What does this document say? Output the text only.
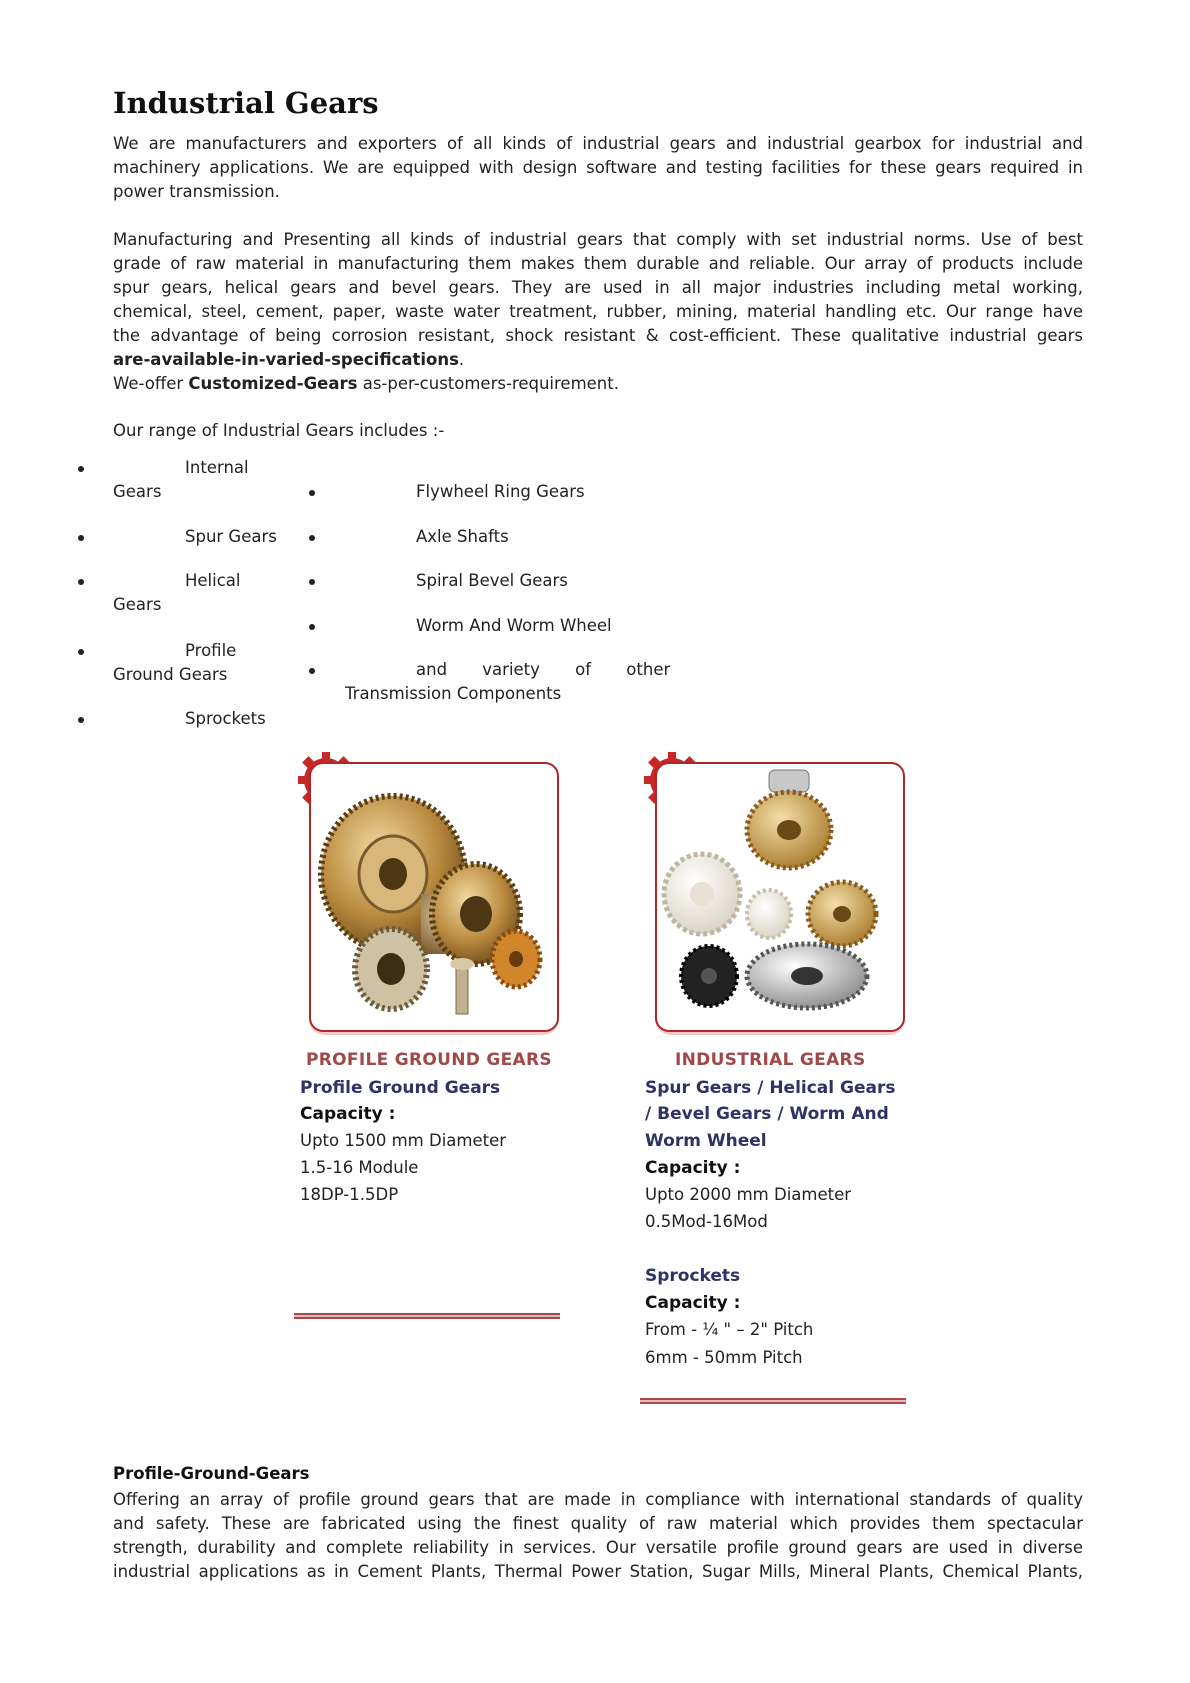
Industrial Gears
We are manufacturers and exporters of all kinds of industrial gears and industrial gearbox for industrial and
machinery applications. We are equipped with design software and testing facilities for these gears required in
power transmission.
Manufacturing and Presenting all kinds of industrial gears that comply with set industrial norms. Use of best
grade of raw material in manufacturing them makes them durable and reliable. Our array of products include
spur gears, helical gears and bevel gears. They are used in all major industries including metal working,
chemical, steel, cement, paper, waste water treatment, rubber, mining, material handling etc. Our range have
the advantage of being corrosion resistant, shock resistant & cost-efficient. These qualitative industrial gears
are-available-in-varied-specifications.
We-offer Customized-Gears as-per-customers-requirement.
Our range of Industrial Gears includes :-
Internal
Gears
Spur Gears
Helical
Gears
Profile
Ground Gears
Sprockets
Flywheel Ring Gears
Axle Shafts
Spiral Bevel Gears
Worm And Worm Wheel
and variety of other
Transmission Components
PROFILE GROUND GEARS
Profile Ground Gears
Capacity :
Upto 1500 mm Diameter
1.5-16 Module
18DP-1.5DP
INDUSTRIAL GEARS
Spur Gears / Helical Gears
/ Bevel Gears / Worm And
Worm Wheel
Capacity :
Upto 2000 mm Diameter
0.5Mod-16Mod
Sprockets
Capacity :
From - ¼ " – 2" Pitch
6mm - 50mm Pitch
Profile-Ground-Gears
Offering an array of profile ground gears that are made in compliance with international standards of quality
and safety. These are fabricated using the finest quality of raw material which provides them spectacular
strength, durability and complete reliability in services. Our versatile profile ground gears are used in diverse
industrial applications as in Cement Plants, Thermal Power Station, Sugar Mills, Mineral Plants, Chemical Plants,
